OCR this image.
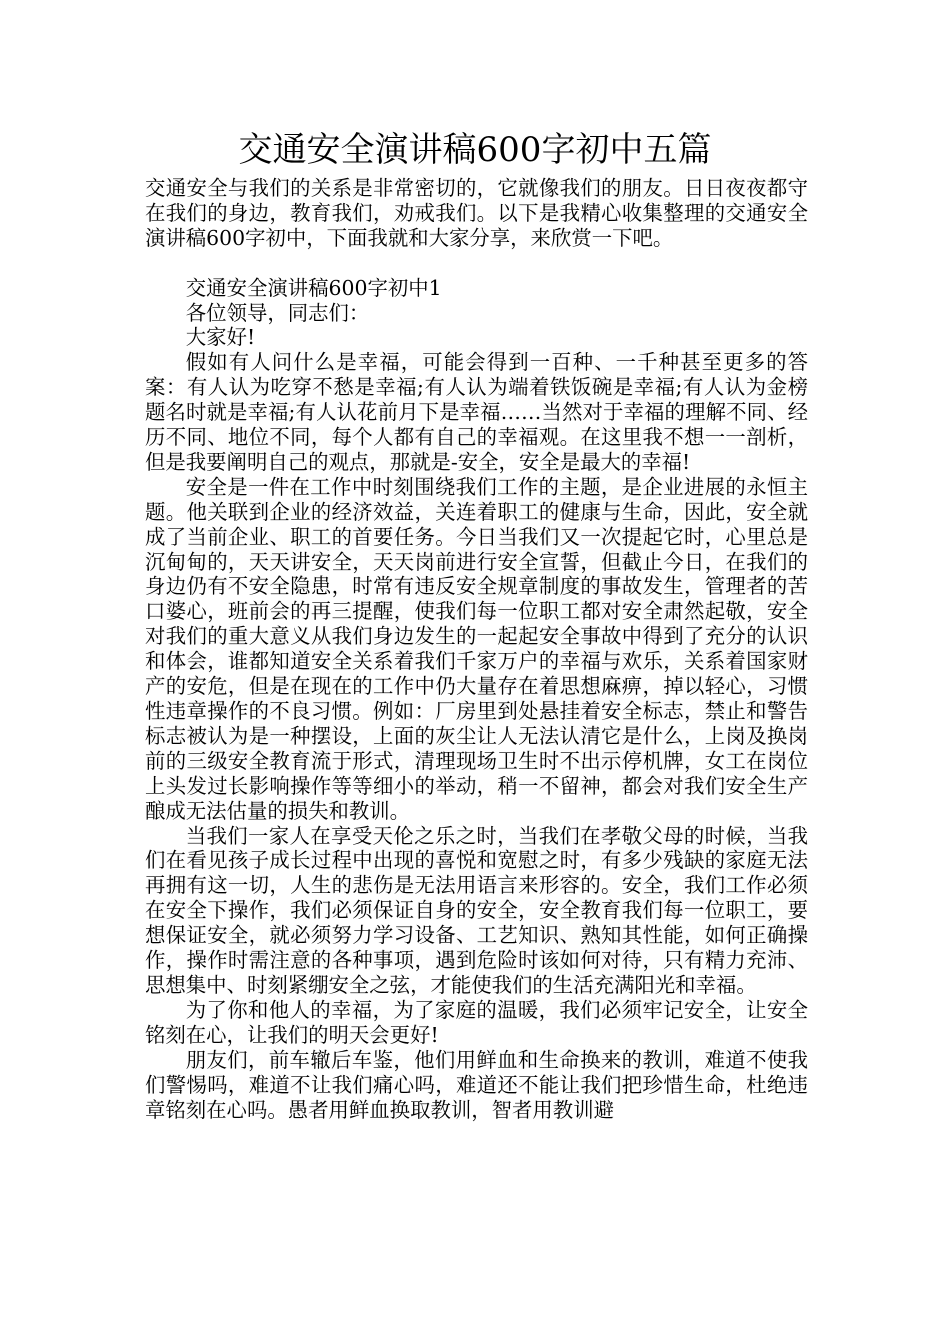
交通安全演讲稿600字初中五篇

交通安全与我们的关系是非常密切的，它就像我们的朋友。日日夜夜都守在我们的身边，教育我们，劝戒我们。以下是我精心收集整理的交通安全演讲稿600字初中，下面我就和大家分享，来欣赏一下吧。

交通安全演讲稿600字初中1

各位领导，同志们：

大家好!

假如有人问什么是幸福，可能会得到一百种、一千种甚至更多的答案：有人认为吃穿不愁是幸福;有人认为端着铁饭碗是幸福;有人认为金榜题名时就是幸福;有人认花前月下是幸福……当然对于幸福的理解不同、经历不同、地位不同，每个人都有自己的幸福观。在这里我不想一一剖析，但是我要阐明自己的观点，那就是-安全，安全是最大的幸福!

安全是一件在工作中时刻围绕我们工作的主题，是企业进展的永恒主题。他关联到企业的经济效益，关连着职工的健康与生命，因此，安全就成了当前企业、职工的首要任务。今日当我们又一次提起它时，心里总是沉甸甸的，天天讲安全，天天岗前进行安全宣誓，但截止今日，在我们的身边仍有不安全隐患，时常有违反安全规章制度的事故发生，管理者的苦口婆心，班前会的再三提醒，使我们每一位职工都对安全肃然起敬，安全对我们的重大意义从我们身边发生的一起起安全事故中得到了充分的认识和体会，谁都知道安全关系着我们千家万户的幸福与欢乐，关系着国家财产的安危，但是在现在的工作中仍大量存在着思想麻痹，掉以轻心，习惯性违章操作的不良习惯。例如：厂房里到处悬挂着安全标志，禁止和警告标志被认为是一种摆设，上面的灰尘让人无法认清它是什么，上岗及换岗前的三级安全教育流于形式，清理现场卫生时不出示停机牌，女工在岗位上头发过长影响操作等等细小的举动，稍一不留神，都会对我们安全生产酿成无法估量的损失和教训。

当我们一家人在享受天伦之乐之时，当我们在孝敬父母的时候，当我们在看见孩子成长过程中出现的喜悦和宽慰之时，有多少残缺的家庭无法再拥有这一切，人生的悲伤是无法用语言来形容的。安全，我们工作必须在安全下操作，我们必须保证自身的安全，安全教育我们每一位职工，要想保证安全，就必须努力学习设备、工艺知识、熟知其性能，如何正确操作，操作时需注意的各种事项，遇到危险时该如何对待，只有精力充沛、思想集中、时刻紧绷安全之弦，才能使我们的生活充满阳光和幸福。

为了你和他人的幸福，为了家庭的温暖，我们必须牢记安全，让安全铭刻在心，让我们的明天会更好!

朋友们，前车辙后车鉴，他们用鲜血和生命换来的教训，难道不使我们警惕吗，难道不让我们痛心吗，难道还不能让我们把珍惜生命，杜绝违章铭刻在心吗。愚者用鲜血换取教训，智者用教训避
